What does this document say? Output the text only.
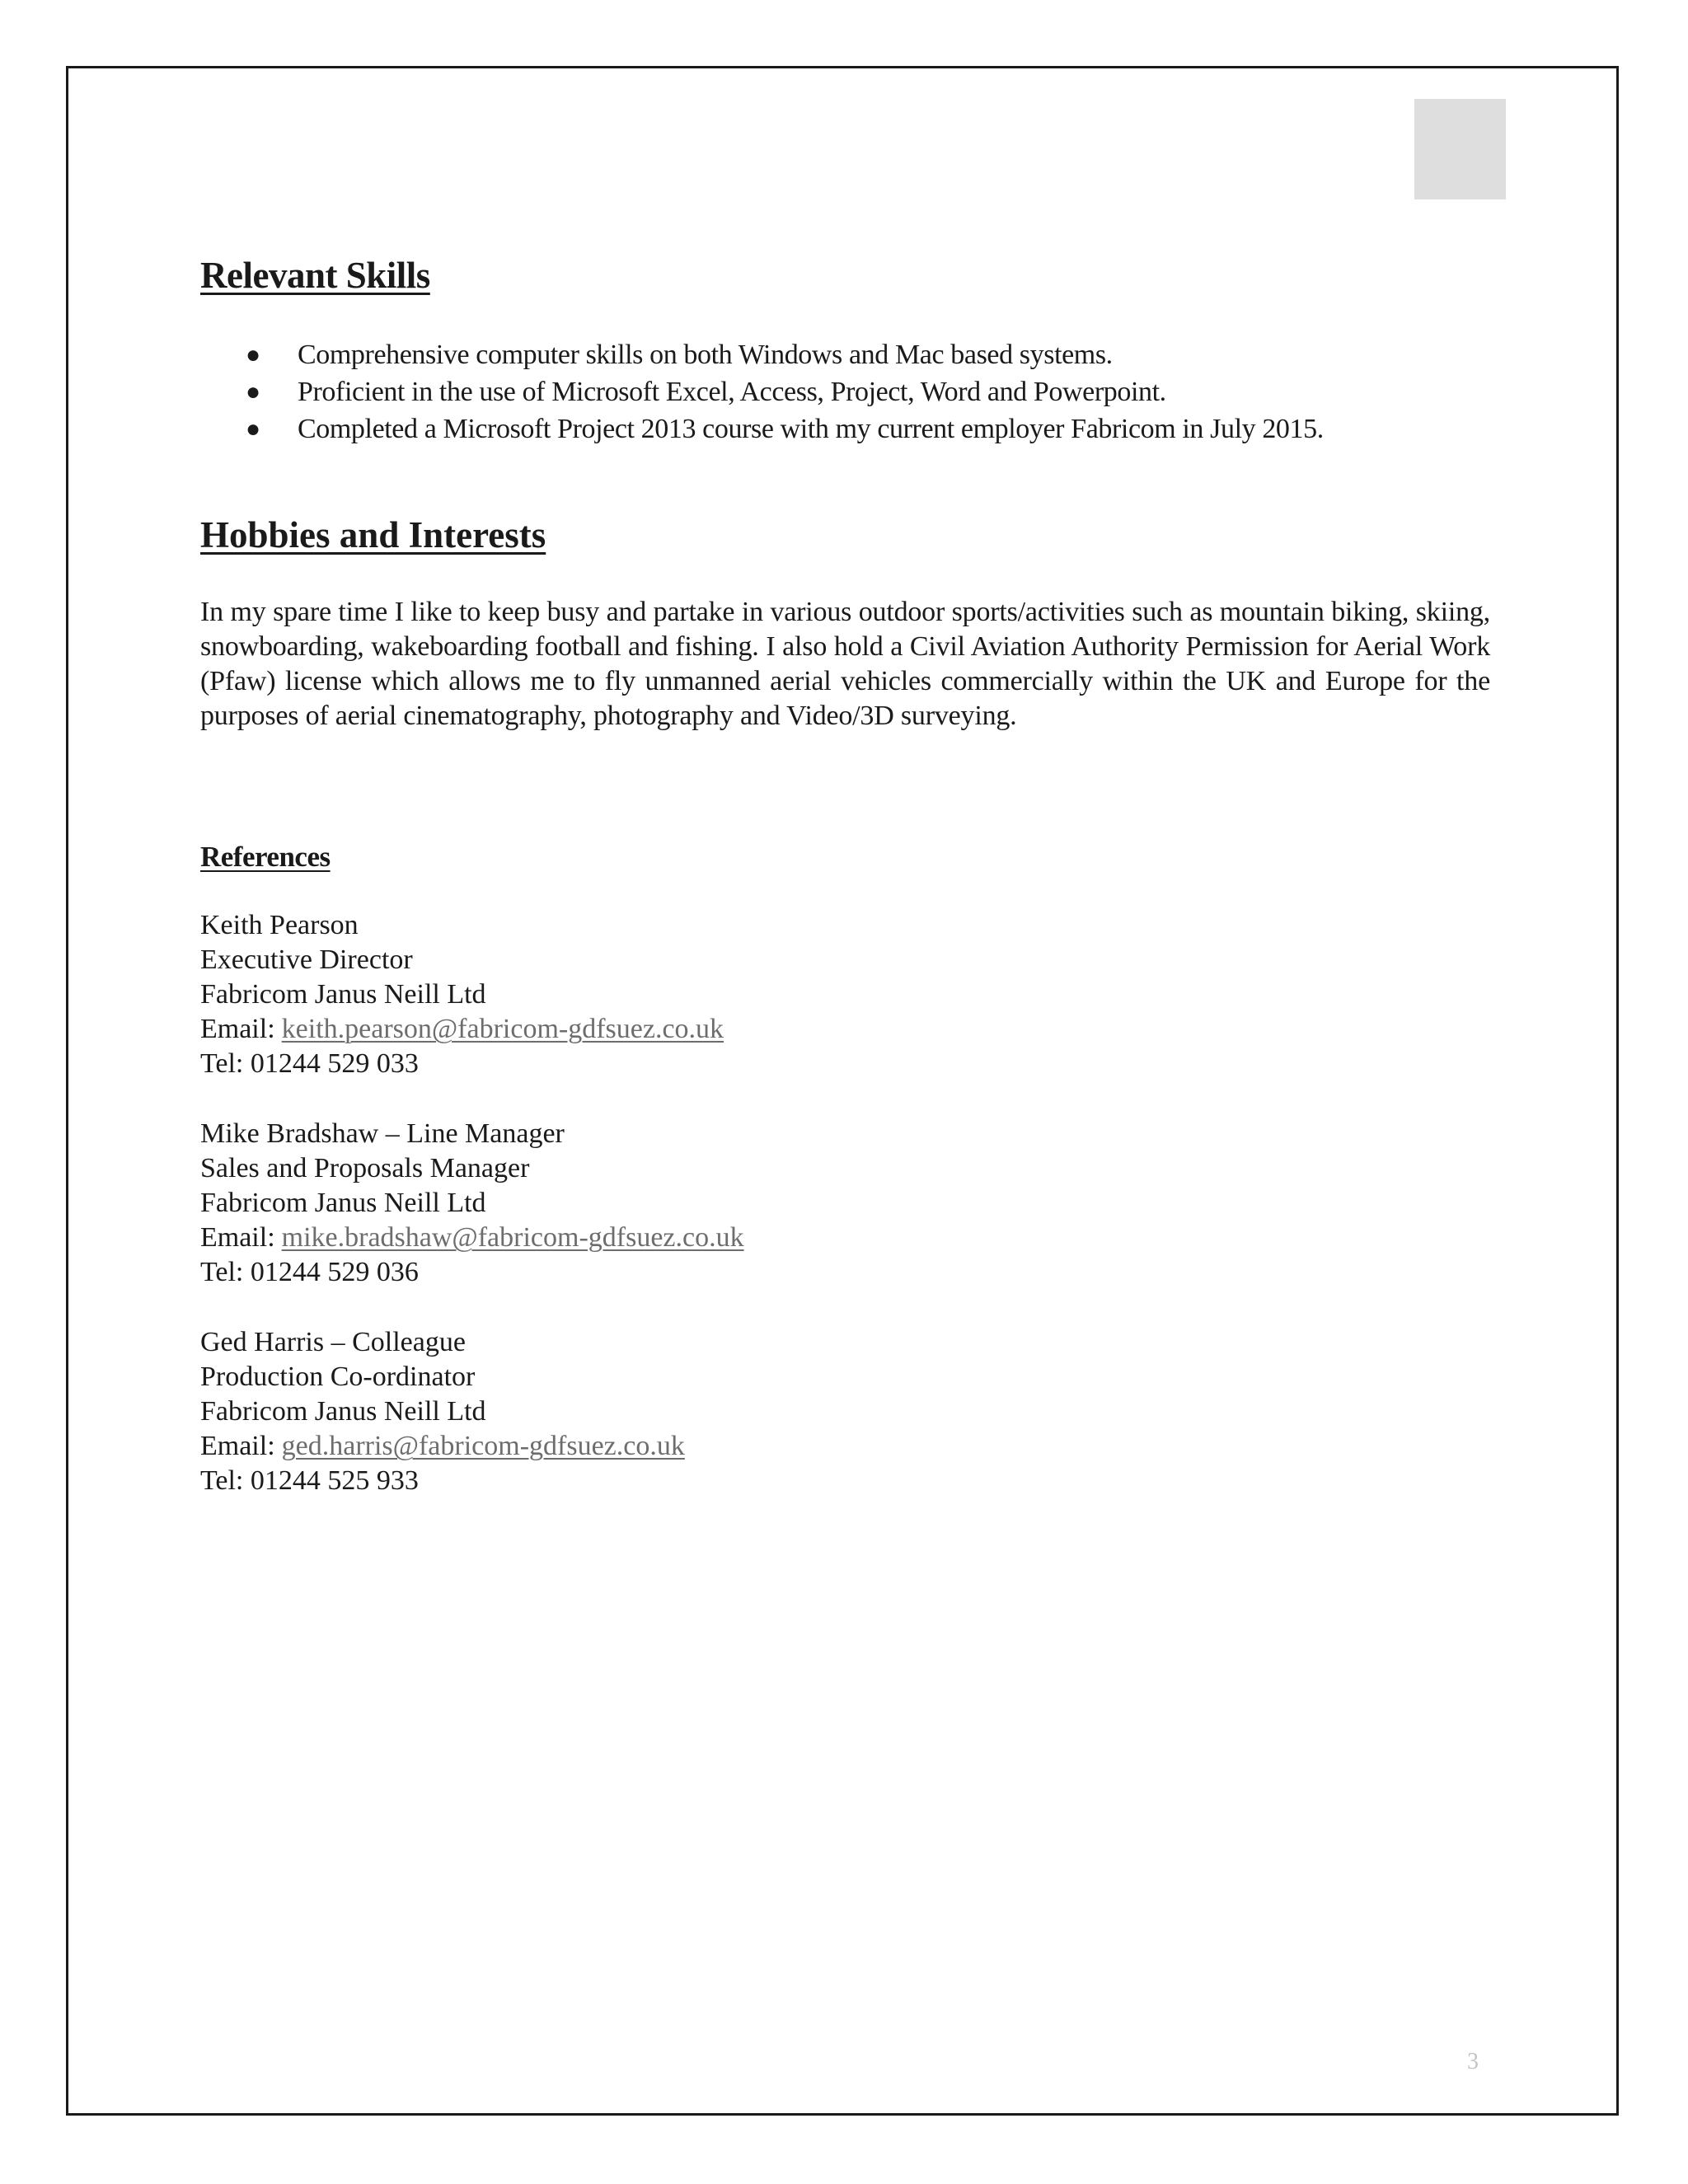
Relevant Skills
● Comprehensive computer skills on both Windows and Mac based systems.
● Proficient in the use of Microsoft Excel, Access, Project, Word and Powerpoint.
● Completed a Microsoft Project 2013 course with my current employer Fabricom in July 2015.
Hobbies and Interests

In my spare time I like to keep busy and partake in various outdoor sports/activities such as mountain biking, skiing, snowboarding, wakeboarding football and fishing. I also hold a Civil Aviation Authority Permission for Aerial Work (Pfaw) license which allows me to fly unmanned aerial vehicles commercially within the UK and Europe for the purposes of aerial cinematography, photography and Video/3D surveying.

References
Keith Pearson
Executive Director
Fabricom Janus Neill Ltd
Email: keith.pearson@fabricom-gdfsuez.co.uk
Tel: 01244 529 033
Mike Bradshaw – Line Manager
Sales and Proposals Manager
Fabricom Janus Neill Ltd
Email: mike.bradshaw@fabricom-gdfsuez.co.uk
Tel: 01244 529 036
Ged Harris – Colleague
Production Co-ordinator
Fabricom Janus Neill Ltd
Email: ged.harris@fabricom-gdfsuez.co.uk
Tel: 01244 525 933
3
